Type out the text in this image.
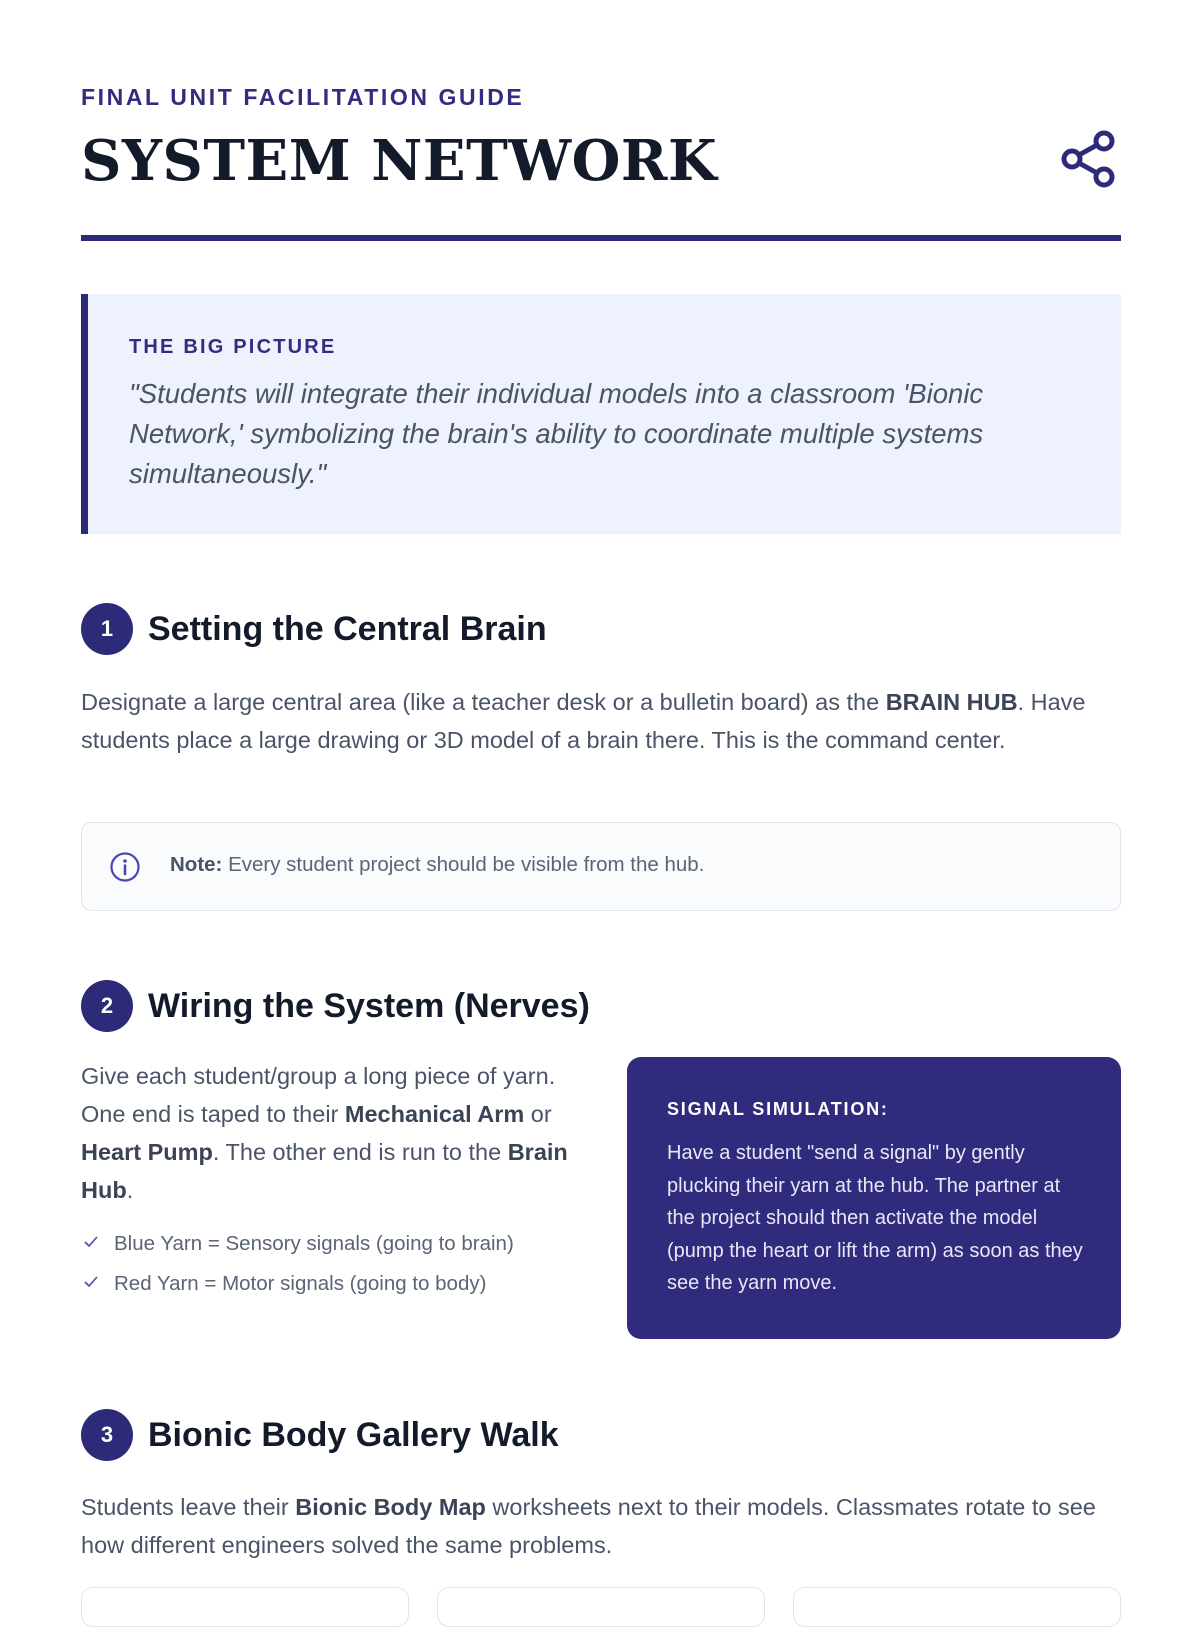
FINAL UNIT FACILITATION GUIDE
SYSTEM NETWORK
THE BIG PICTURE
"Students will integrate their individual models into a classroom 'Bionic Network,' symbolizing the brain's ability to coordinate multiple systems simultaneously."
1	Setting the Central Brain

Designate a large central area (like a teacher desk or a bulletin board) as the BRAIN HUB. Have students place a large drawing or 3D model of a brain there. This is the command center.

Note: Every student project should be visible from the hub.
2	Wiring the System (Nerves)

Give each student/group a long piece of yarn. One end is taped to their Mechanical Arm or Heart Pump. The other end is run to the Brain Hub.

Blue Yarn = Sensory signals (going to brain)
Red Yarn = Motor signals (going to body)
SIGNAL SIMULATION:
Have a student "send a signal" by gently plucking their yarn at the hub. The partner at the project should then activate the model (pump the heart or lift the arm) as soon as they see the yarn move.
3	Bionic Body Gallery Walk

Students leave their Bionic Body Map worksheets next to their models. Classmates rotate to see how different engineers solved the same problems.
